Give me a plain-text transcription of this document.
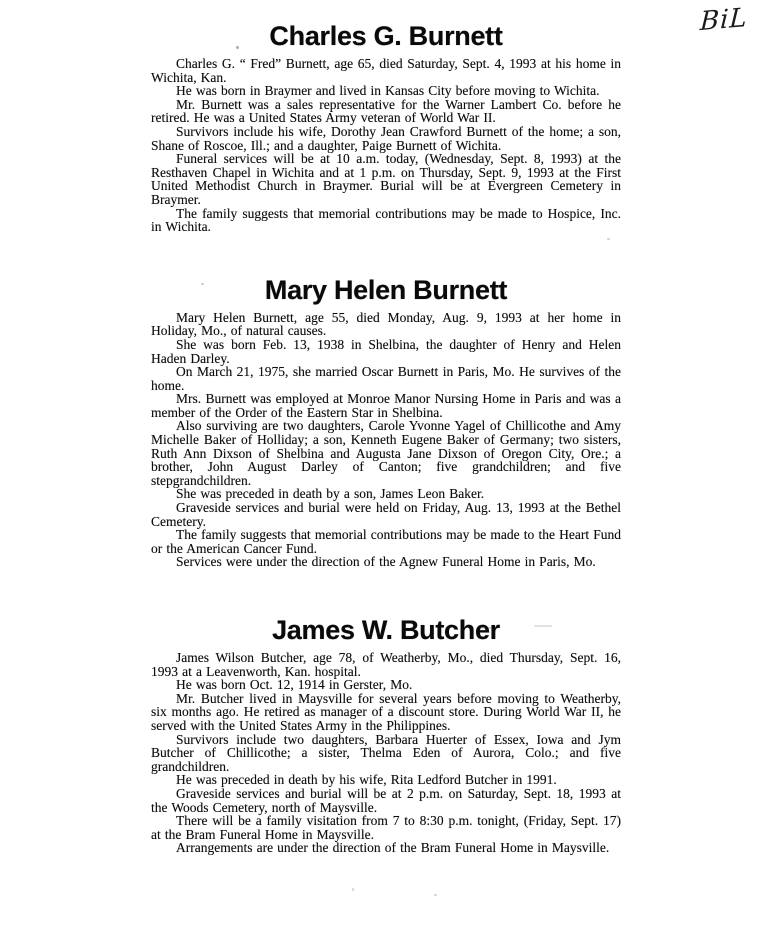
BiL
Charles G. Burnett

Charles G. “ Fred” Burnett, age 65, died Saturday, Sept. 4, 1993 at his home in Wichita, Kan.

He was born in Braymer and lived in Kansas City before moving to Wichita.

Mr. Burnett was a sales representative for the Warner Lambert Co. before he retired. He was a United States Army veteran of World War II.

Survivors include his wife, Dorothy Jean Crawford Burnett of the home; a son, Shane of Roscoe, Ill.; and a daughter, Paige Burnett of Wichita.

Funeral services will be at 10 a.m. today, (Wednesday, Sept. 8, 1993) at the Resthaven Chapel in Wichita and at 1 p.m. on Thursday, Sept. 9, 1993 at the First United Methodist Church in Braymer. Burial will be at Evergreen Cemetery in Braymer.

The family suggests that memorial contributions may be made to Hospice, Inc. in Wichita.

Mary Helen Burnett

Mary Helen Burnett, age 55, died Monday, Aug. 9, 1993 at her home in Holiday, Mo., of natural causes.

She was born Feb. 13, 1938 in Shelbina, the daughter of Henry and Helen Haden Darley.

On March 21, 1975, she married Oscar Burnett in Paris, Mo. He survives of the home.

Mrs. Burnett was employed at Monroe Manor Nursing Home in Paris and was a member of the Order of the Eastern Star in Shelbina.

Also surviving are two daughters, Carole Yvonne Yagel of Chillicothe and Amy Michelle Baker of Holliday; a son, Kenneth Eugene Baker of Germany; two sisters, Ruth Ann Dixson of Shelbina and Augusta Jane Dixson of Oregon City, Ore.; a brother, John August Darley of Canton; five grandchildren; and five stepgrandchildren.

She was preceded in death by a son, James Leon Baker.

Graveside services and burial were held on Friday, Aug. 13, 1993 at the Bethel Cemetery.

The family suggests that memorial contributions may be made to the Heart Fund or the American Cancer Fund.

Services were under the direction of the Agnew Funeral Home in Paris, Mo.

James W. Butcher

James Wilson Butcher, age 78, of Weatherby, Mo., died Thursday, Sept. 16, 1993 at a Leavenworth, Kan. hospital.

He was born Oct. 12, 1914 in Gerster, Mo.

Mr. Butcher lived in Maysville for several years before moving to Weatherby, six months ago. He retired as manager of a discount store. During World War II, he served with the United States Army in the Philippines.

Survivors include two daughters, Barbara Huerter of Essex, Iowa and Jym Butcher of Chillicothe; a sister, Thelma Eden of Aurora, Colo.; and five grandchildren.

He was preceded in death by his wife, Rita Ledford Butcher in 1991.

Graveside services and burial will be at 2 p.m. on Saturday, Sept. 18, 1993 at the Woods Cemetery, north of Maysville.

There will be a family visitation from 7 to 8:30 p.m. tonight, (Friday, Sept. 17) at the Bram Funeral Home in Maysville.

Arrangements are under the direction of the Bram Funeral Home in Maysville.
